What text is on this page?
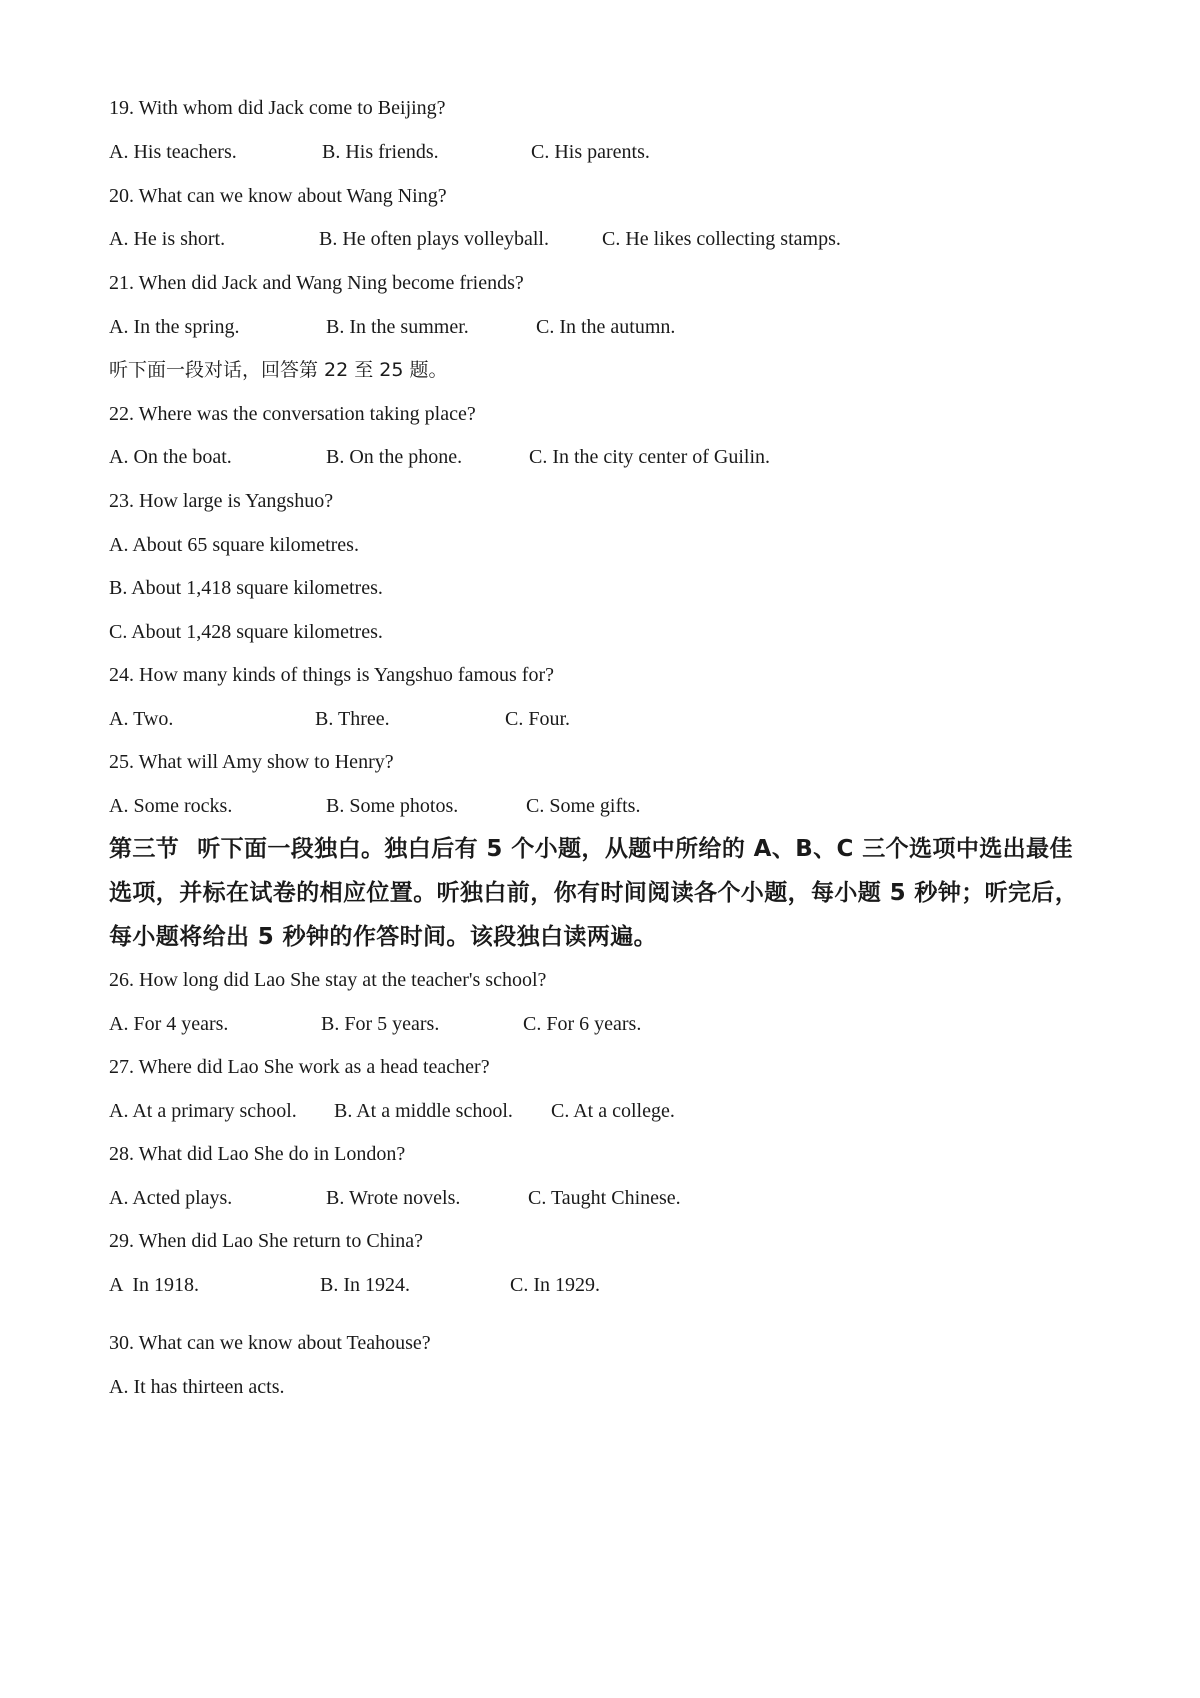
19. With whom did Jack come to Beijing?
A. His teachers.	B. His friends.	C. His parents.
20. What can we know about Wang Ning?
A. He is short.	B. He often plays volleyball.	C. He likes collecting stamps.
21. When did Jack and Wang Ning become friends?
A. In the spring.	B. In the summer.	C. In the autumn.
听下面一段对话，回答第 22 至 25 题。
22. Where was the conversation taking place?
A. On the boat.	B. On the phone.	C. In the city center of Guilin.
23. How large is Yangshuo?
A. About 65 square kilometres.
B. About 1,418 square kilometres.
C. About 1,428 square kilometres.
24. How many kinds of things is Yangshuo famous for?
A. Two.	B. Three.	C. Four.
25. What will Amy show to Henry?
A. Some rocks.	B. Some photos.	C. Some gifts.
第三节 听下面一段独白。独白后有 5 个小题，从题中所给的 A、B、C 三个选项中选出最佳
选项，并标在试卷的相应位置。听独白前，你有时间阅读各个小题，每小题 5 秒钟；听完后，
每小题将给出 5 秒钟的作答时间。该段独白读两遍。
26. How long did Lao She stay at the teacher's school?
A. For 4 years.	B. For 5 years.	C. For 6 years.
27. Where did Lao She work as a head teacher?
A. At a primary school. B. At a middle school. C. At a college.
28. What did Lao She do in London?
A. Acted plays.	B. Wrote novels.	C. Taught Chinese.
29. When did Lao She return to China?
A  In 1918.	B. In 1924.	C. In 1929.
30. What can we know about Teahouse?
A. It has thirteen acts.
